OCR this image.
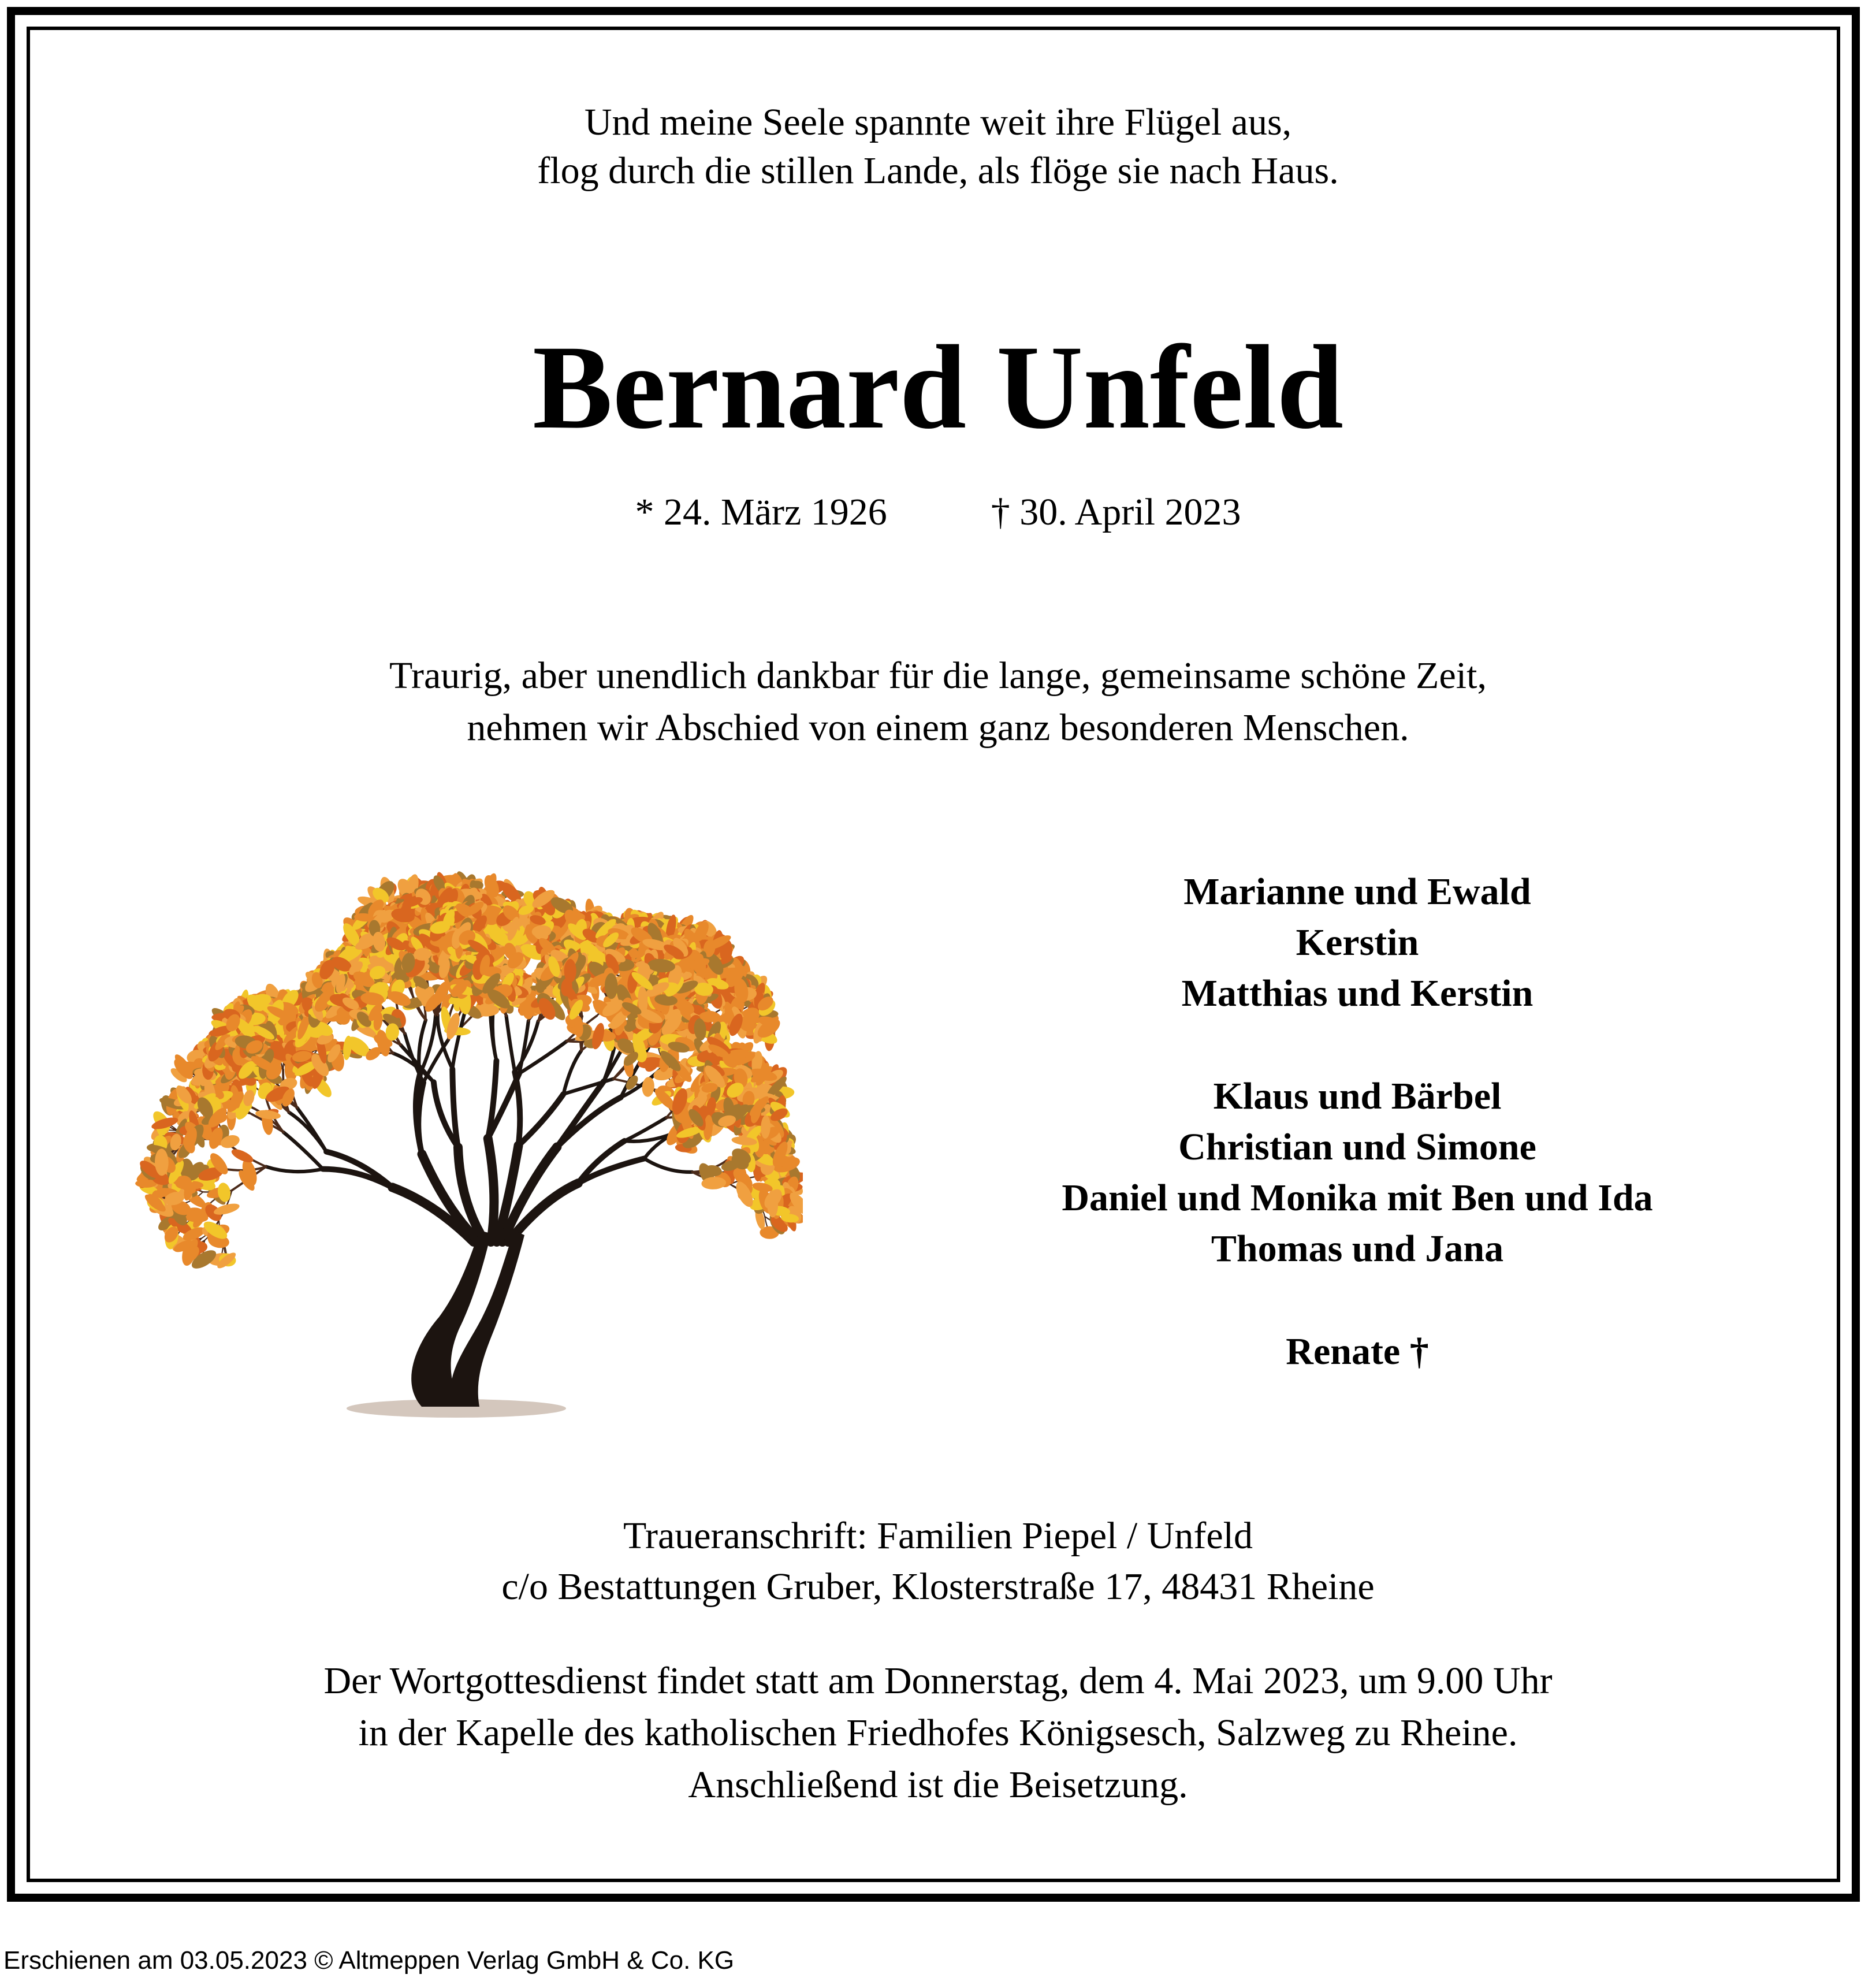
Und meine Seele spannte weit ihre Flügel aus,
flog durch die stillen Lande, als flöge sie nach Haus.
Bernard Unfeld
* 24. März 1926	† 30. April 2023
Traurig, aber unendlich dankbar für die lange, gemeinsame schöne Zeit,
nehmen wir Abschied von einem ganz besonderen Menschen.
Marianne und Ewald
Kerstin
Matthias und Kerstin
Klaus und Bärbel
Christian und Simone
Daniel und Monika mit Ben und Ida
Thomas und Jana
Renate †
Traueranschrift: Familien Piepel / Unfeld
c/o Bestattungen Gruber, Klosterstraße 17, 48431 Rheine
Der Wortgottesdienst findet statt am Donnerstag, dem 4. Mai 2023, um 9.00 Uhr
in der Kapelle des katholischen Friedhofes Königsesch, Salzweg zu Rheine.
Anschließend ist die Beisetzung.
Erschienen am 03.05.2023 © Altmeppen Verlag GmbH & Co. KG
